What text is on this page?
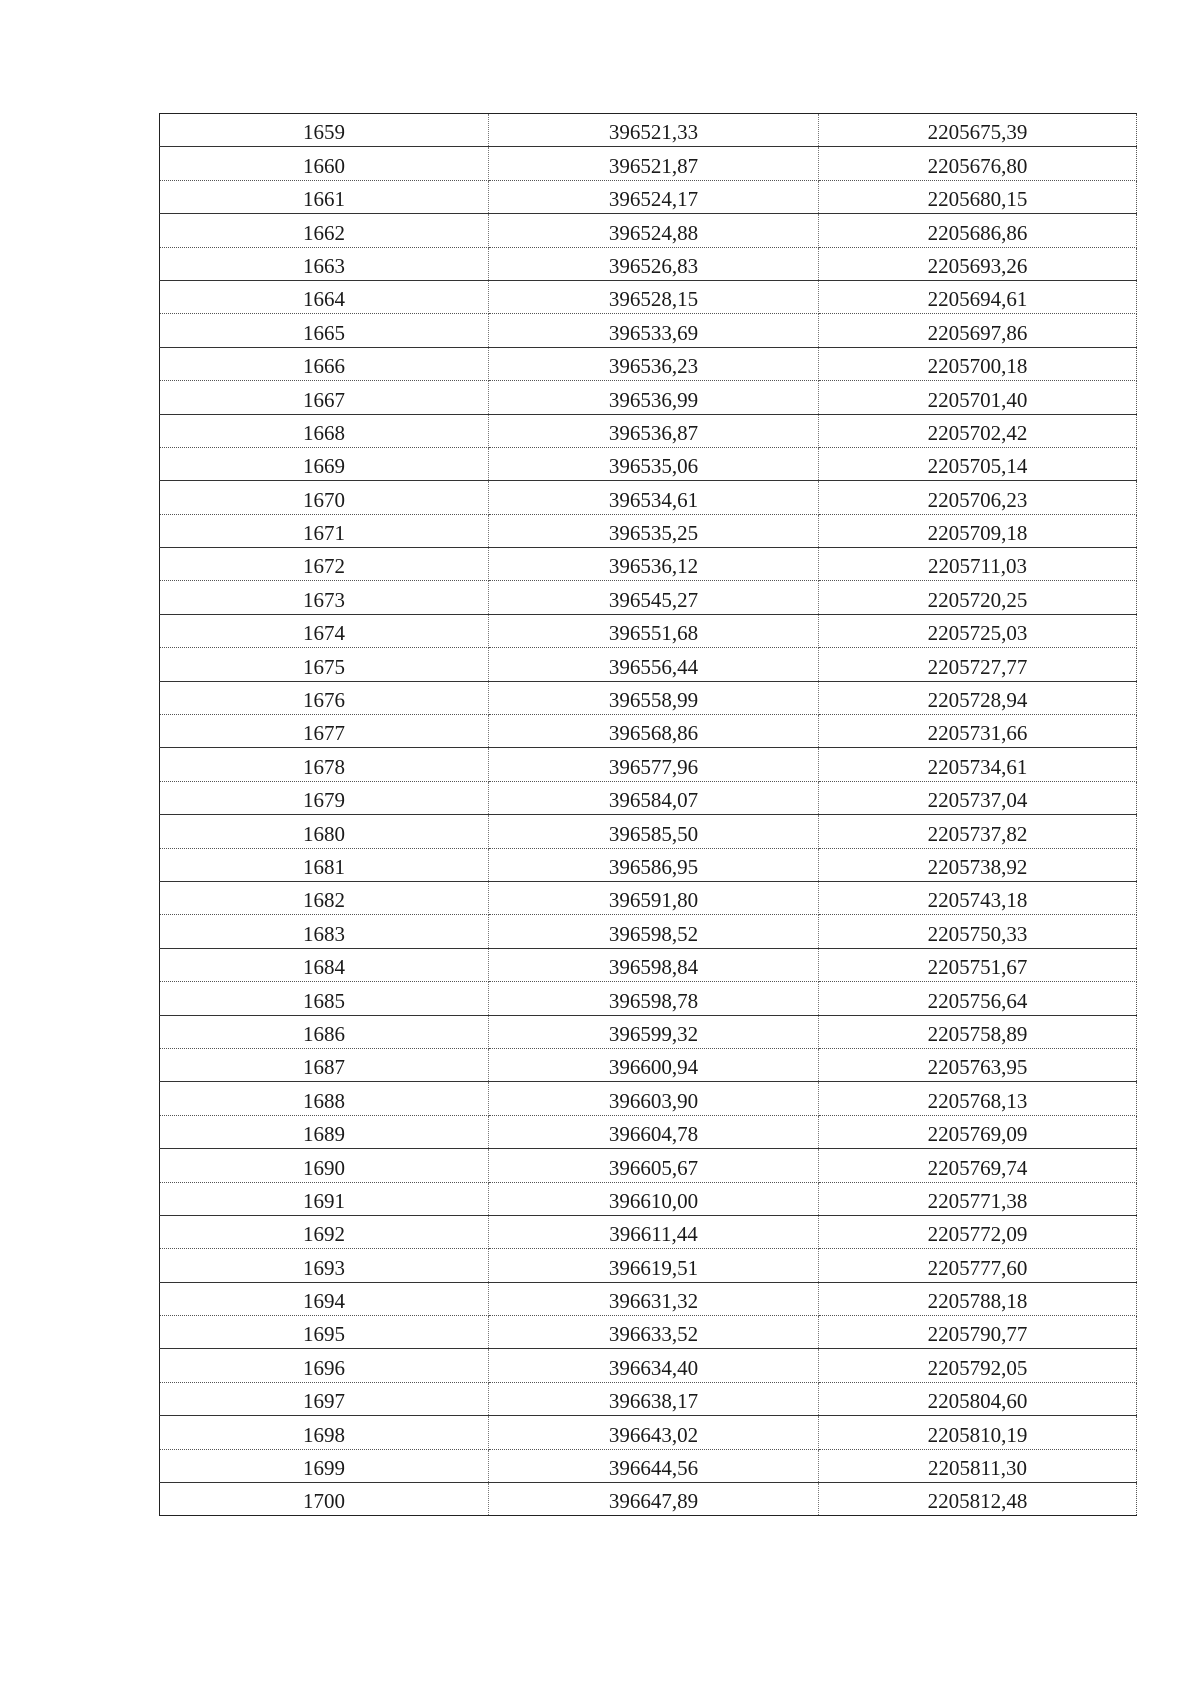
1659	396521,33	2205675,39
1660	396521,87	2205676,80
1661	396524,17	2205680,15
1662	396524,88	2205686,86
1663	396526,83	2205693,26
1664	396528,15	2205694,61
1665	396533,69	2205697,86
1666	396536,23	2205700,18
1667	396536,99	2205701,40
1668	396536,87	2205702,42
1669	396535,06	2205705,14
1670	396534,61	2205706,23
1671	396535,25	2205709,18
1672	396536,12	2205711,03
1673	396545,27	2205720,25
1674	396551,68	2205725,03
1675	396556,44	2205727,77
1676	396558,99	2205728,94
1677	396568,86	2205731,66
1678	396577,96	2205734,61
1679	396584,07	2205737,04
1680	396585,50	2205737,82
1681	396586,95	2205738,92
1682	396591,80	2205743,18
1683	396598,52	2205750,33
1684	396598,84	2205751,67
1685	396598,78	2205756,64
1686	396599,32	2205758,89
1687	396600,94	2205763,95
1688	396603,90	2205768,13
1689	396604,78	2205769,09
1690	396605,67	2205769,74
1691	396610,00	2205771,38
1692	396611,44	2205772,09
1693	396619,51	2205777,60
1694	396631,32	2205788,18
1695	396633,52	2205790,77
1696	396634,40	2205792,05
1697	396638,17	2205804,60
1698	396643,02	2205810,19
1699	396644,56	2205811,30
1700	396647,89	2205812,48
